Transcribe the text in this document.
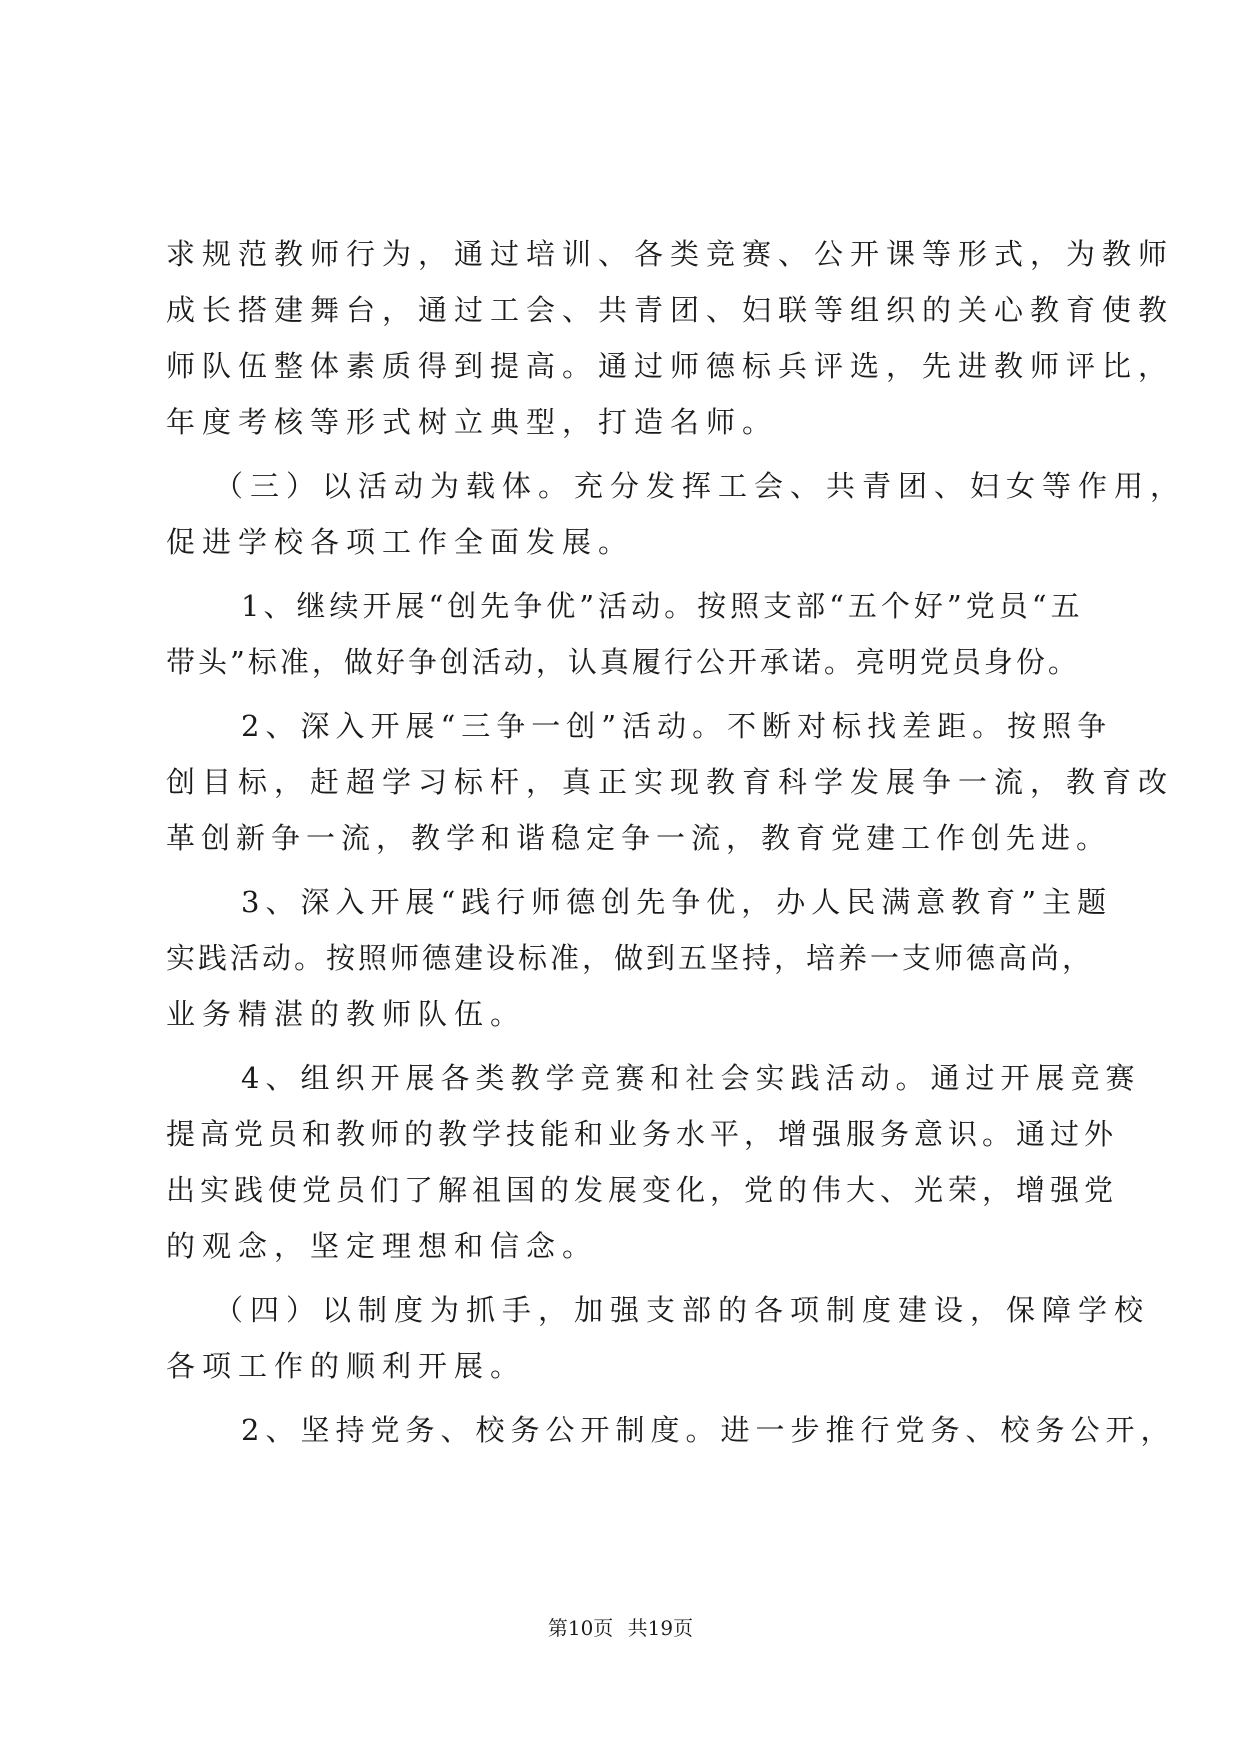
求规范教师行为，通过培训、各类竞赛、公开课等形式，为教师
成长搭建舞台，通过工会、共青团、妇联等组织的关心教育使教
师队伍整体素质得到提高。通过师德标兵评选，先进教师评比，
年度考核等形式树立典型，打造名师。
（三）以活动为载体。充分发挥工会、共青团、妇女等作用，
促进学校各项工作全面发展。
1、继续开展“创先争优”活动。按照支部“五个好”党员“五
带头”标准，做好争创活动，认真履行公开承诺。亮明党员身份。
2、深入开展“三争一创”活动。不断对标找差距。按照争
创目标，赶超学习标杆，真正实现教育科学发展争一流，教育改
革创新争一流，教学和谐稳定争一流，教育党建工作创先进。
3、深入开展“践行师德创先争优，办人民满意教育”主题
实践活动。按照师德建设标准，做到五坚持，培养一支师德高尚，
业务精湛的教师队伍。
4、组织开展各类教学竞赛和社会实践活动。通过开展竞赛
提高党员和教师的教学技能和业务水平，增强服务意识。通过外
出实践使党员们了解祖国的发展变化，党的伟大、光荣，增强党
的观念，坚定理想和信念。
（四）以制度为抓手，加强支部的各项制度建设，保障学校
各项工作的顺利开展。
2、坚持党务、校务公开制度。进一步推行党务、校务公开，
第10页 共19页
